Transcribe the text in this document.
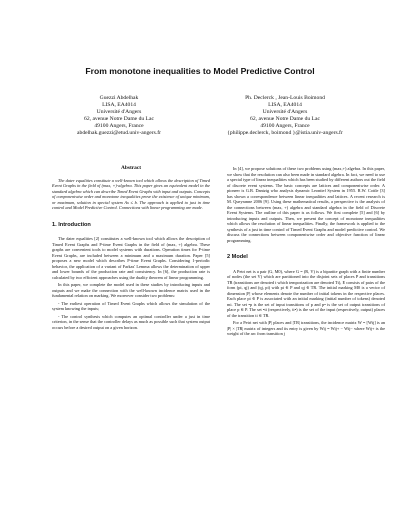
From monotone inequalities to Model Predictive Control
Guezzi Abdelhak
LISA, EA4014
Université d'Angers
62, avenue Notre Dame du Lac
49100 Angers, France
abdelhak.guezzi@etud.univ-angers.fr
Ph. Declerck , Jean-Louis Boimond
LISA, EA4014
Université d'Angers
62, avenue Notre Dame du Lac
49100 Angers, France
{philippe.declerck, boimond }@istia.univ-angers.fr
Abstract

The dater equalities constitute a well-known tool which allows the description of Timed Event Graphs in the field of (max, +)-algebra. This paper gives an equivalent model in the standard algebra which can describe Timed Event Graphs with input and outputs. Concepts of componentwise order and monotone inequalities prove the existence of unique minimum, or maximum, solution in special system Ax ≤ b. The approach is applied to just in time control and Model Predictive Control. Connections with linear programming are made.

1. Introduction

The dater equalities [2] constitutes a well-known tool which allows the description of Timed Event Graphs and P-time Event Graphs in the field of (max, +) algebra. These graphs are convenient tools to model systems with durations. Operation times for P-time Event Graphs, are included between a minimum and a maximum duration. Paper [5] proposes a new model which describes P-time Event Graphs. Considering 1-periodic behavior, the application of a variant of Farkas' Lemma allows the determination of upper and lower bounds of the production rate and consistency. In [6], the production rate is calculated by two efficient approaches using the duality theorem of linear programming.

In this paper, we complete the model used in these studies by introducing inputs and outputs and we make the connection with the well-known incidence matrix used in the fundamental relation on marking. We moreover consider two problems:

- The earliest operation of Timed Event Graphs which allows the simulation of the system knowing the inputs;

- The control synthesis which computes an optimal controller under a just in time criterion, in the sense that the controller delays as much as possible such that system output occurs before a desired output on a given horizon.

In [4], we propose solutions of these two problems using (max,+) algebra. In this paper, we show that the resolution can also been made in standard algebra. In fact, we need to use a special type of linear inequalities which has been studied by different authors out the field of discrete event systems. The basic concepts are lattices and componentwise order. A pioneer is G.B. Dantzig who analysis dynamic Leontief System in 1955. R.W. Cottle [3] has shown a correspondence between linear inequalities and lattices. A recent research is M. Queyranne 2006 [9]. Using these mathematical results, a perspective is the analysis of the connections between (max, +) algebra and standard algebra in the field of Discrete Event Systems. The outline of this paper is as follows. We first complete [5] and [6] by introducing inputs and outputs. Then, we present the concept of monotone inequalities which allows the resolution of linear inequalities. Finally, the framework is applied to the synthesis of a just in time control of Timed Event Graphs and model predictive control. We discuss the connections between componentwise order and objective function of linear programming.

2 Model

A Petri net is a pair (G, M0), where G = (R, V) is a bipartite graph with a finite number of nodes (the set V) which are partitioned into the disjoint sets of places P and transitions TR (transitions are denoted t which temporization are denoted Tt), E consists of pairs of the form (pi, qj) and (qj, pi) with pi ∈ P and qj ∈ TR. The initial marking M0 is a vector of dimension |P| whose elements denote the number of initial tokens in the respective places. Each place pi ∈ P is associated with an initial marking (initial number of tokens) denoted mi. The set •p is the set of input transitions of p and p• is the set of output transitions of place p ∈ P. The set •ti (respectively, ti•) is the set of the input (respectively, output) places of the transition ti ∈ TR.

For a Petri net with |P| places and |TR| transitions, the incidence matrix W = [Wij] is an |P| × |TR| matrix of integers and its entry is given by Wij = Wij+ − Wij− where Wij+ is the weight of the arc from transition j
